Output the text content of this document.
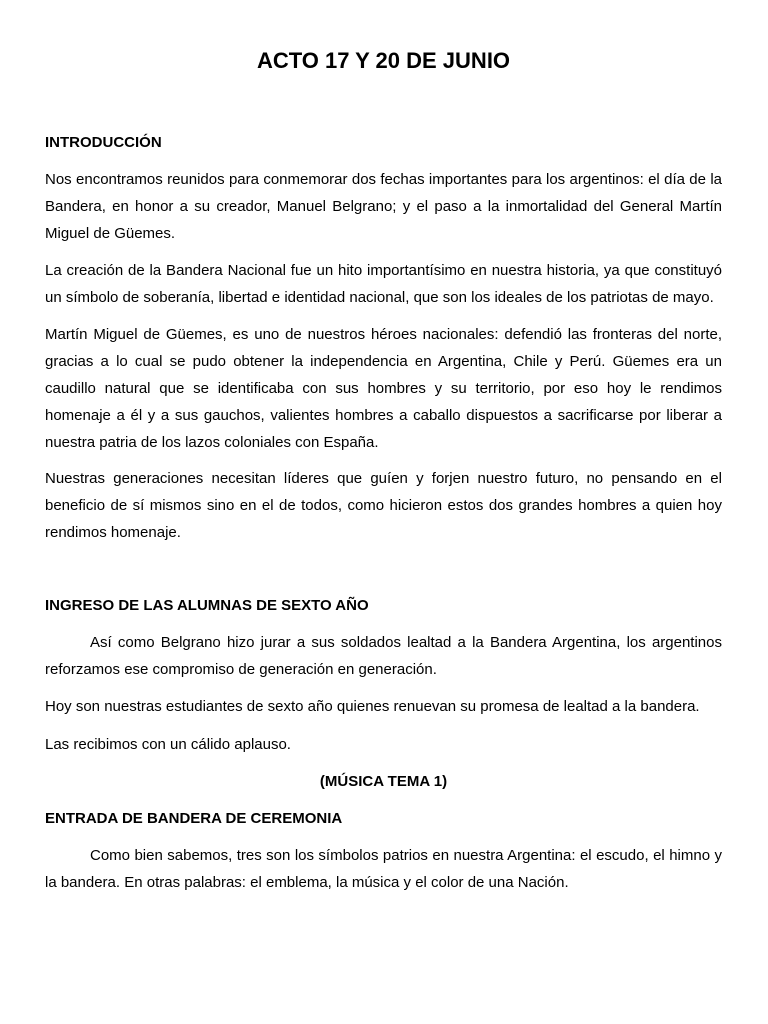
ACTO 17 Y 20 DE JUNIO
INTRODUCCIÓN

Nos encontramos reunidos para conmemorar dos fechas importantes para los argentinos: el día de la Bandera, en honor a su creador, Manuel Belgrano; y el paso a la inmortalidad del General Martín Miguel de Güemes.

La creación de la Bandera Nacional fue un hito importantísimo en nuestra historia, ya que constituyó un símbolo de soberanía, libertad e identidad nacional, que son los ideales de los patriotas de mayo.

Martín Miguel de Güemes, es uno de nuestros héroes nacionales: defendió las fronteras del norte, gracias a lo cual se pudo obtener la independencia en Argentina, Chile y Perú. Güemes era un caudillo natural que se identificaba con sus hombres y su territorio, por eso hoy le rendimos homenaje a él y a sus gauchos, valientes hombres a caballo dispuestos a sacrificarse por liberar a nuestra patria de los lazos coloniales con España.

Nuestras generaciones necesitan líderes que guíen y forjen nuestro futuro, no pensando en el beneficio de sí mismos sino en el de todos, como hicieron estos dos grandes hombres a quien hoy rendimos homenaje.

INGRESO DE LAS ALUMNAS DE SEXTO AÑO

Así como Belgrano hizo jurar a sus soldados lealtad a la Bandera Argentina, los argentinos reforzamos ese compromiso de generación en generación.

Hoy son nuestras estudiantes de sexto año quienes renuevan su promesa de lealtad a la bandera.

Las recibimos con un cálido aplauso.

(MÚSICA TEMA 1)

ENTRADA DE BANDERA DE CEREMONIA

Como bien sabemos, tres son los símbolos patrios en nuestra Argentina: el escudo, el himno y la bandera. En otras palabras: el emblema, la música y el color de una Nación.
